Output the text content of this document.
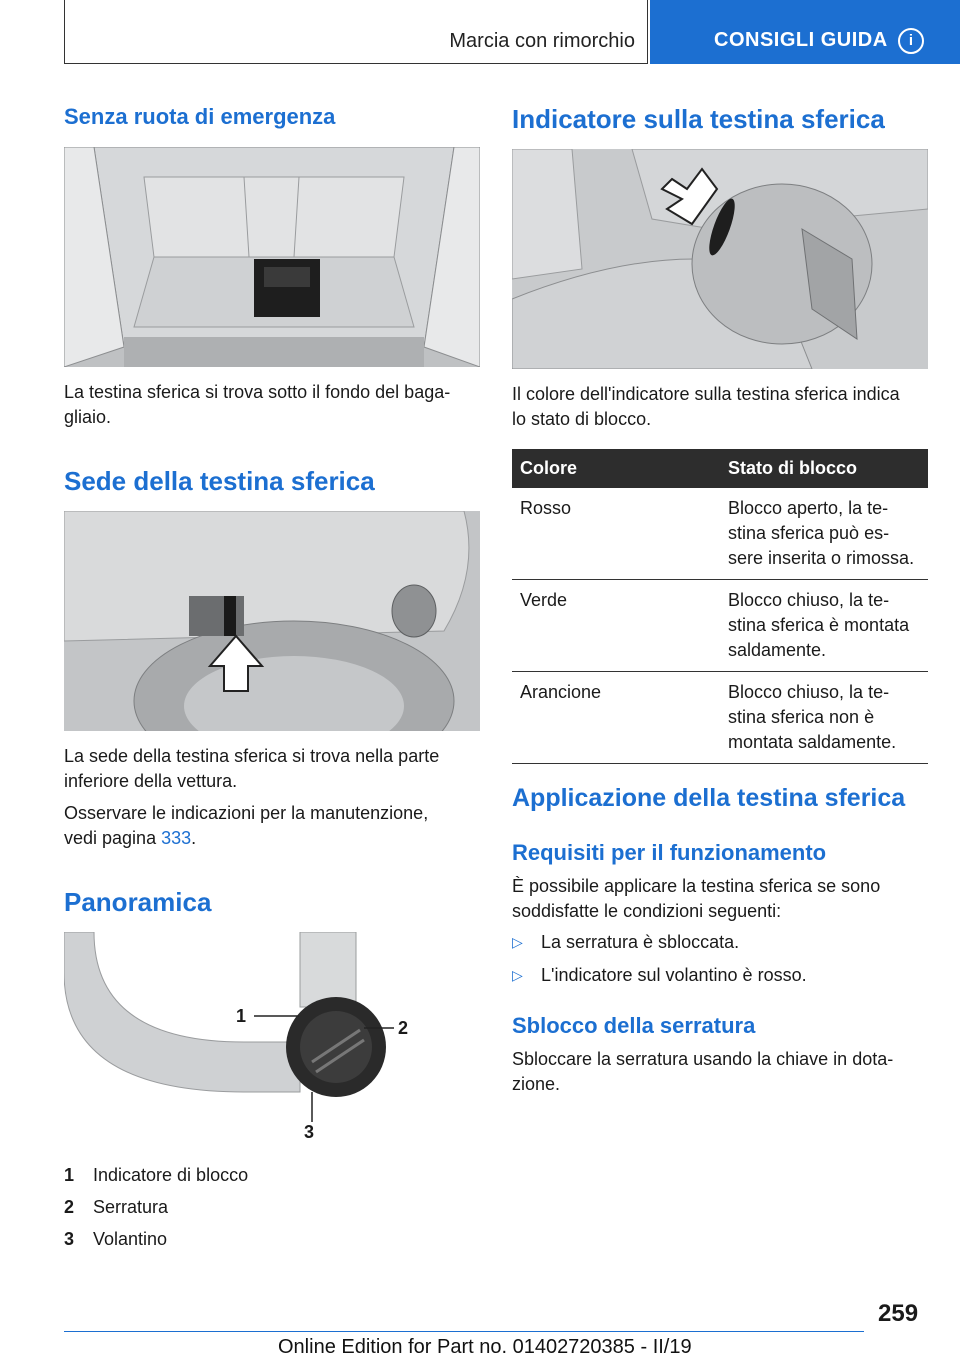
Marcia con rimorchio	CONSIGLI GUIDA	i
Senza ruota di emergenza

La testina sferica si trova sotto il fondo del baga-
gliaio.

Sede della testina sferica

La sede della testina sferica si trova nella parte
inferiore della vettura.

Osservare le indicazioni per la manutenzione,
vedi pagina 333.

Panoramica
1
2
3
1 Indicatore di blocco
2 Serratura
3 Volantino
Indicatore sulla testina sferica

Il colore dell'indicatore sulla testina sferica indica
lo stato di blocco.

Colore	Stato di blocco
Rosso	Blocco aperto, la te-
stina sferica può es-
sere inserita o rimossa.
Verde	Blocco chiuso, la te-
stina sferica è montata
saldamente.
Arancione	Blocco chiuso, la te-
stina sferica non è
montata saldamente.
Applicazione della testina sferica
Requisiti per il funzionamento

È possibile applicare la testina sferica se sono
soddisfatte le condizioni seguenti:

▷ La serratura è sbloccata.
▷ L'indicatore sul volantino è rosso.
Sblocco della serratura

Sbloccare la serratura usando la chiave in dota-
zione.

259
Online Edition for Part no. 01402720385 - II/19
